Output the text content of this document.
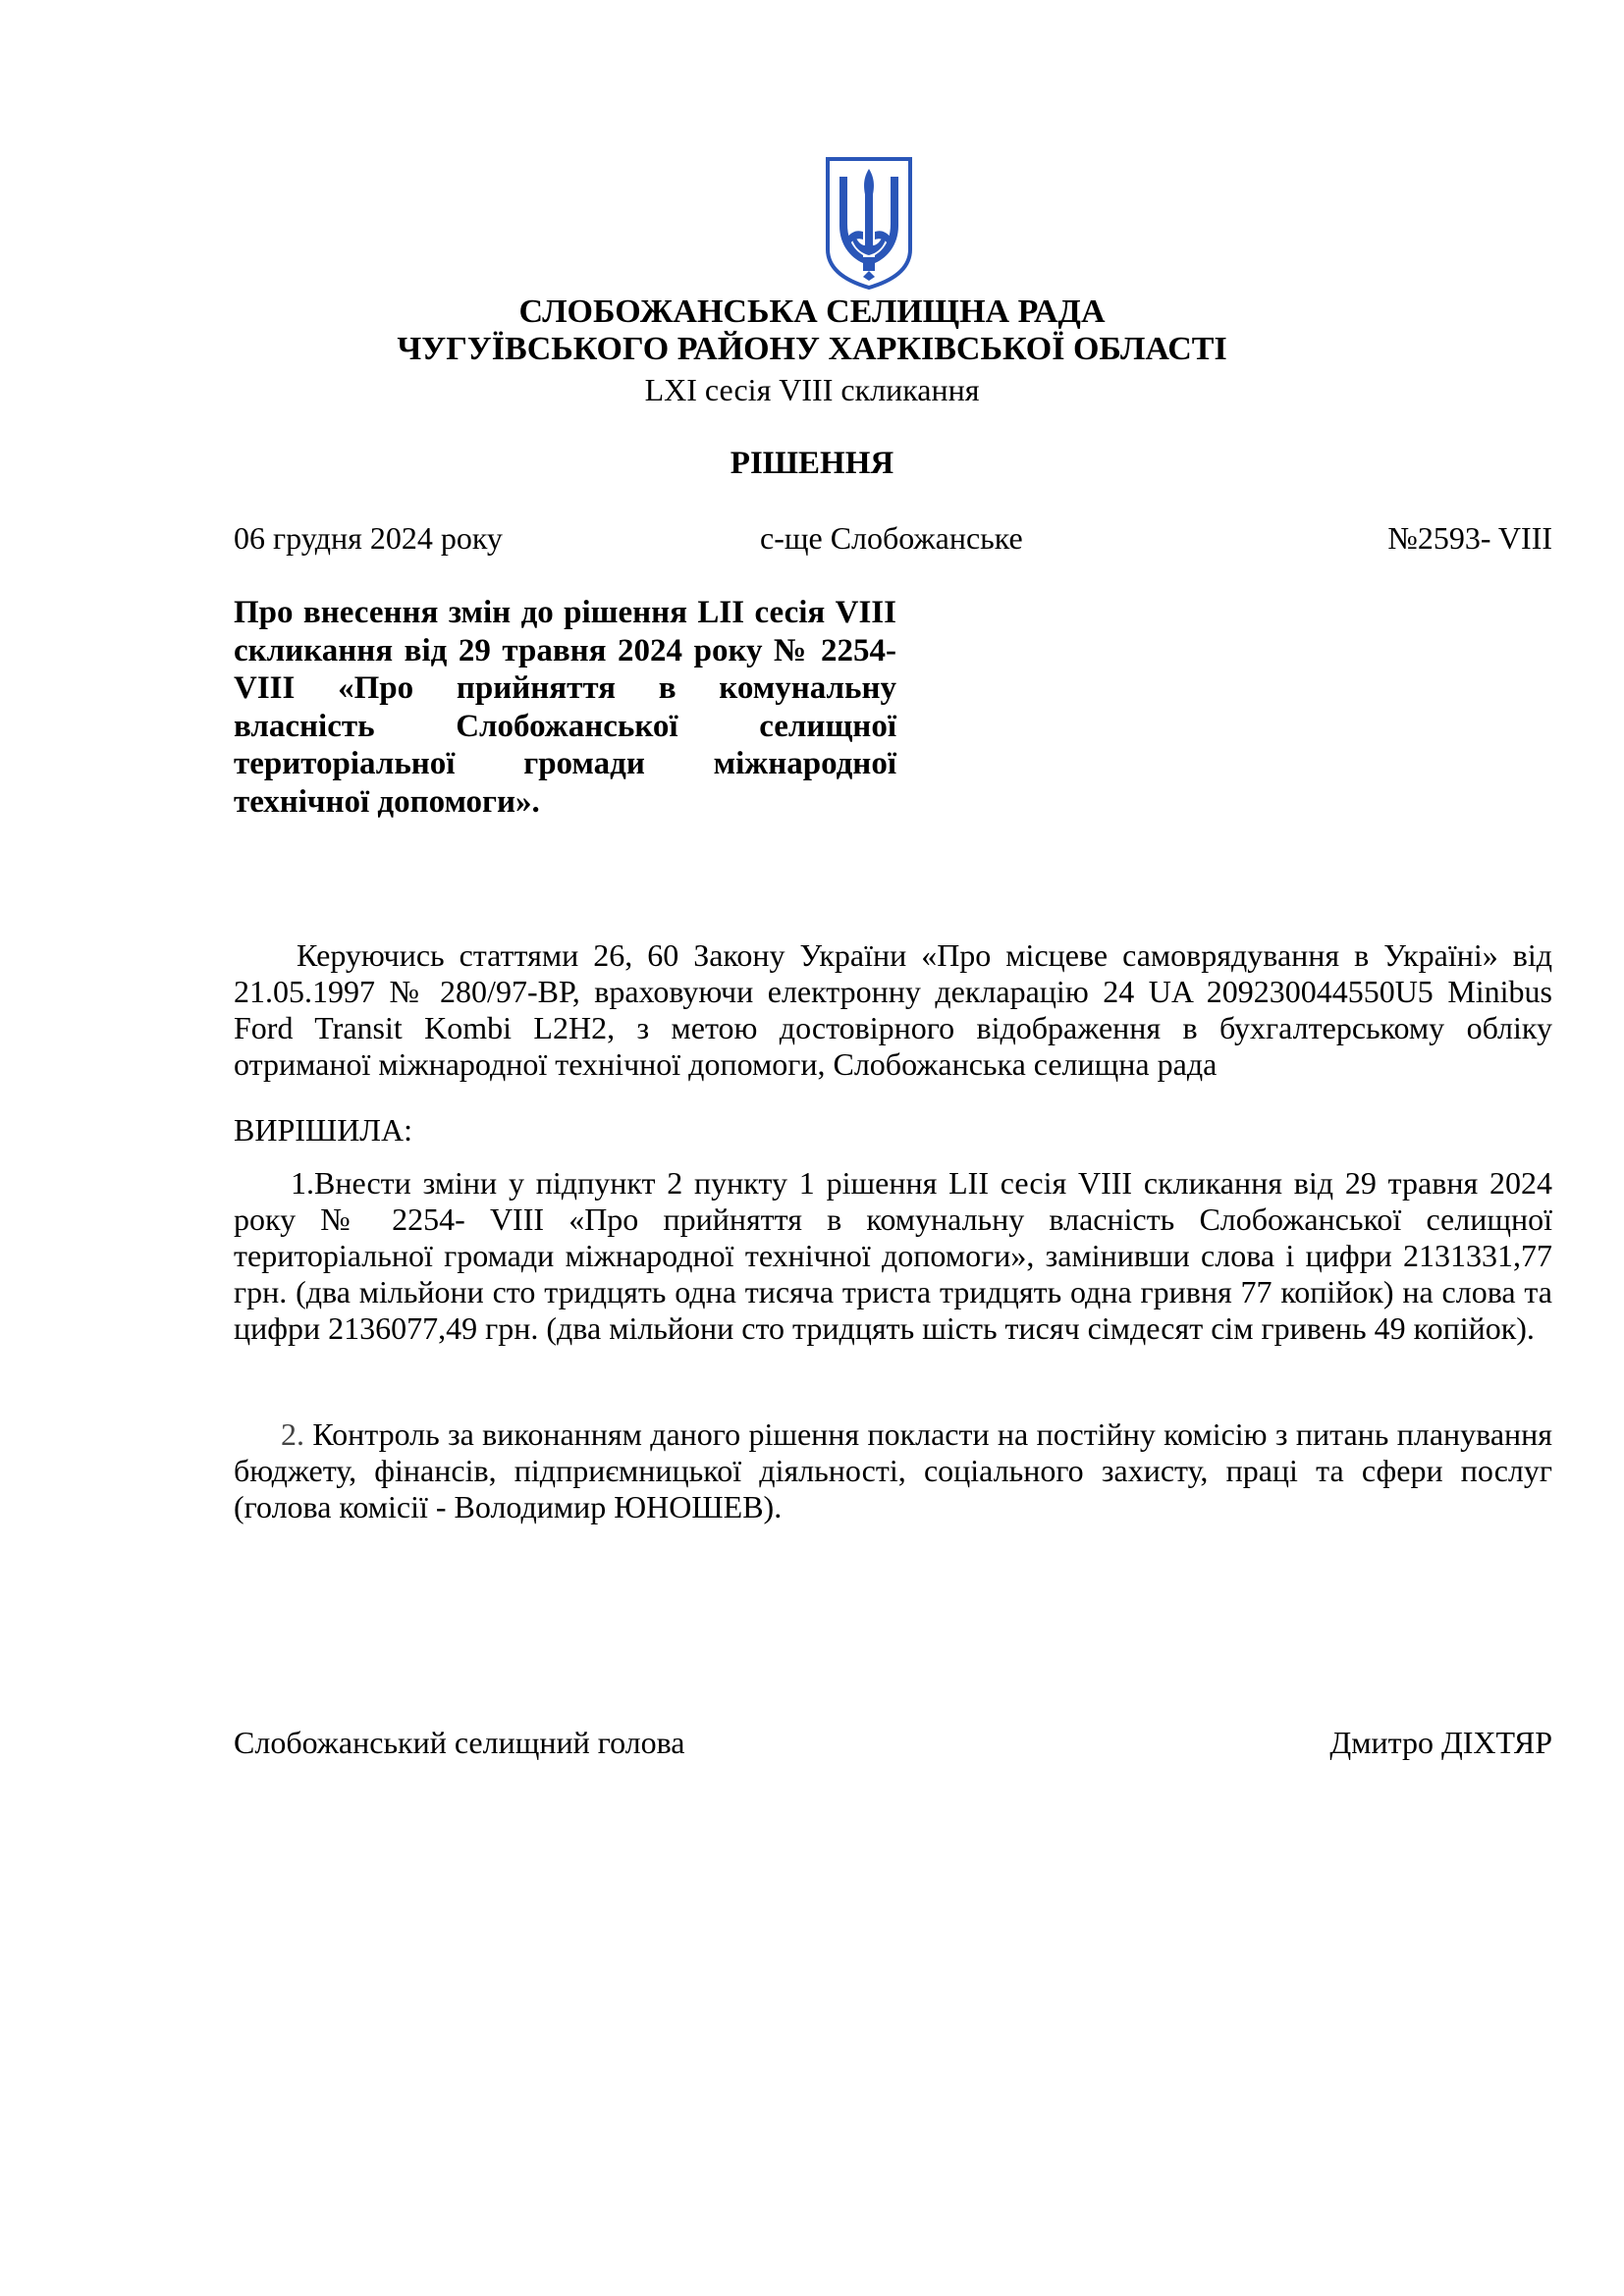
СЛОБОЖАНСЬКА СЕЛИЩНА РАДА
ЧУГУЇВСЬКОГО РАЙОНУ ХАРКІВСЬКОЇ ОБЛАСТІ
LXI сесія VIII скликання
РІШЕННЯ
06 грудня 2024 року	с-ще Слобожанське	№2593- VIII
Про внесення змін до рішення LII сесія VIII скликання від 29 травня 2024 року № 2254- VIII «Про прийняття в комунальну власність Слобожанської селищної територіальної громади міжнародної технічної допомоги».

Керуючись статтями 26, 60 Закону України «Про місцеве самоврядування в Україні» від 21.05.1997 № 280/97-ВР, враховуючи електронну декларацію 24 UA 209230044550U5 Minibus Ford Transit Kombi L2H2, з метою достовірного відображення в бухгалтерському обліку отриманої міжнародної технічної допомоги, Слобожанська селищна рада

ВИРІШИЛА:

1.Внести зміни у підпункт 2 пункту 1 рішення LII сесія VIII скликання від 29 травня 2024 року № 2254- VIII «Про прийняття в комунальну власність Слобожанської селищної територіальної громади міжнародної технічної допомоги», замінивши слова і цифри 2131331,77 грн. (два мільйони сто тридцять одна тисяча триста тридцять одна гривня 77 копійок) на слова та цифри 2136077,49 грн. (два мільйони сто тридцять шість тисяч сімдесят сім гривень 49 копійок).

2. Контроль за виконанням даного рішення покласти на постійну комісію з питань планування бюджету, фінансів, підприємницької діяльності, соціального захисту, праці та сфери послуг (голова комісії - Володимир ЮНОШЕВ).

Слобожанський селищний голова	Дмитро ДІХТЯР
